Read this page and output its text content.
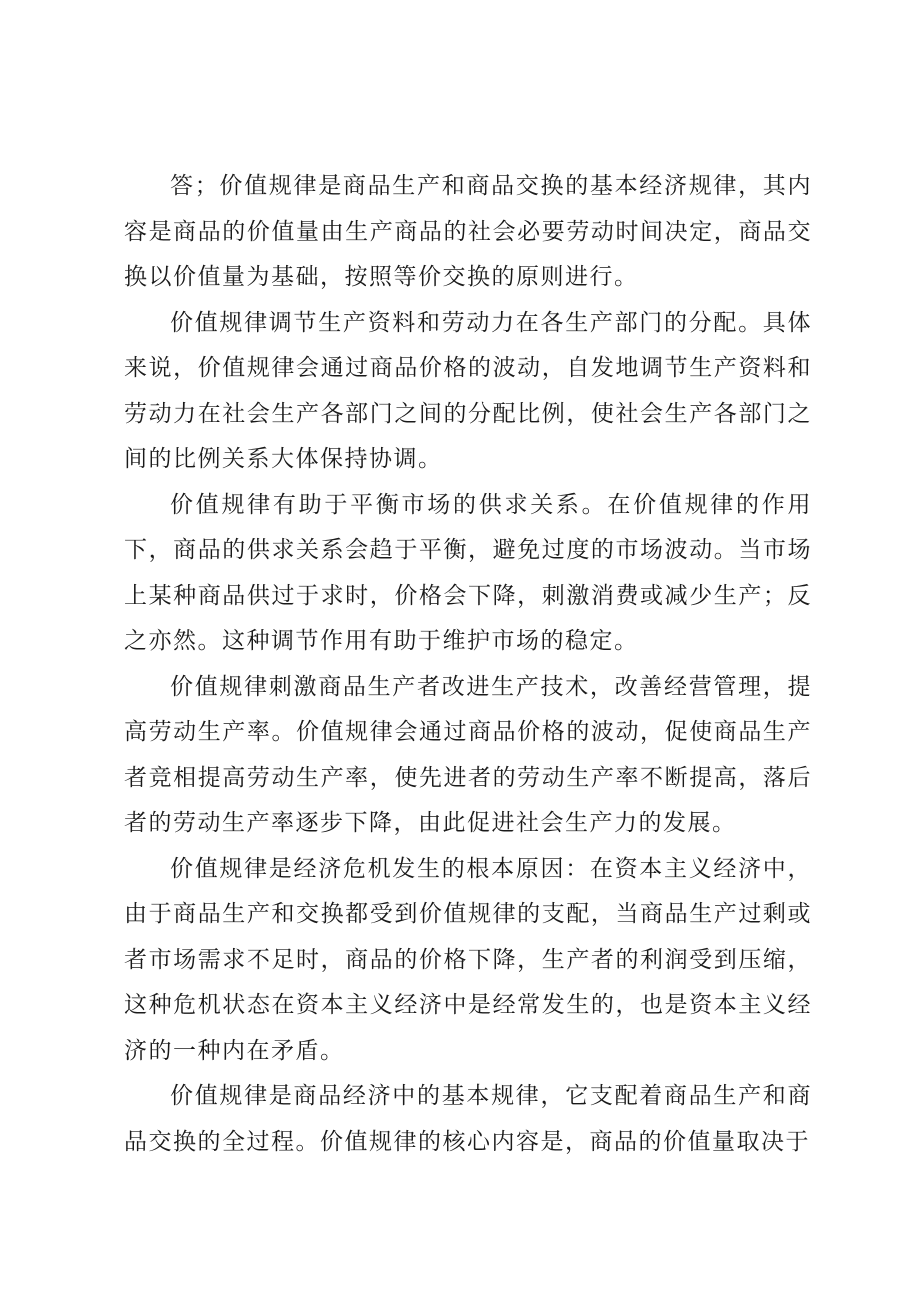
答；价值规律是商品生产和商品交换的基本经济规律，其内容是商品的价值量由生产商品的社会必要劳动时间决定，商品交换以价值量为基础，按照等价交换的原则进行。

价值规律调节生产资料和劳动力在各生产部门的分配。具体来说，价值规律会通过商品价格的波动，自发地调节生产资料和劳动力在社会生产各部门之间的分配比例，使社会生产各部门之间的比例关系大体保持协调。

价值规律有助于平衡市场的供求关系。在价值规律的作用下，商品的供求关系会趋于平衡，避免过度的市场波动。当市场上某种商品供过于求时，价格会下降，刺激消费或减少生产；反之亦然。这种调节作用有助于维护市场的稳定。

价值规律刺激商品生产者改进生产技术，改善经营管理，提高劳动生产率。价值规律会通过商品价格的波动，促使商品生产者竞相提高劳动生产率，使先进者的劳动生产率不断提高，落后者的劳动生产率逐步下降，由此促进社会生产力的发展。

价值规律是经济危机发生的根本原因：在资本主义经济中，由于商品生产和交换都受到价值规律的支配，当商品生产过剩或者市场需求不足时，商品的价格下降，生产者的利润受到压缩，这种危机状态在资本主义经济中是经常发生的，也是资本主义经济的一种内在矛盾。

价值规律是商品经济中的基本规律，它支配着商品生产和商品交换的全过程。价值规律的核心内容是，商品的价值量取决于
